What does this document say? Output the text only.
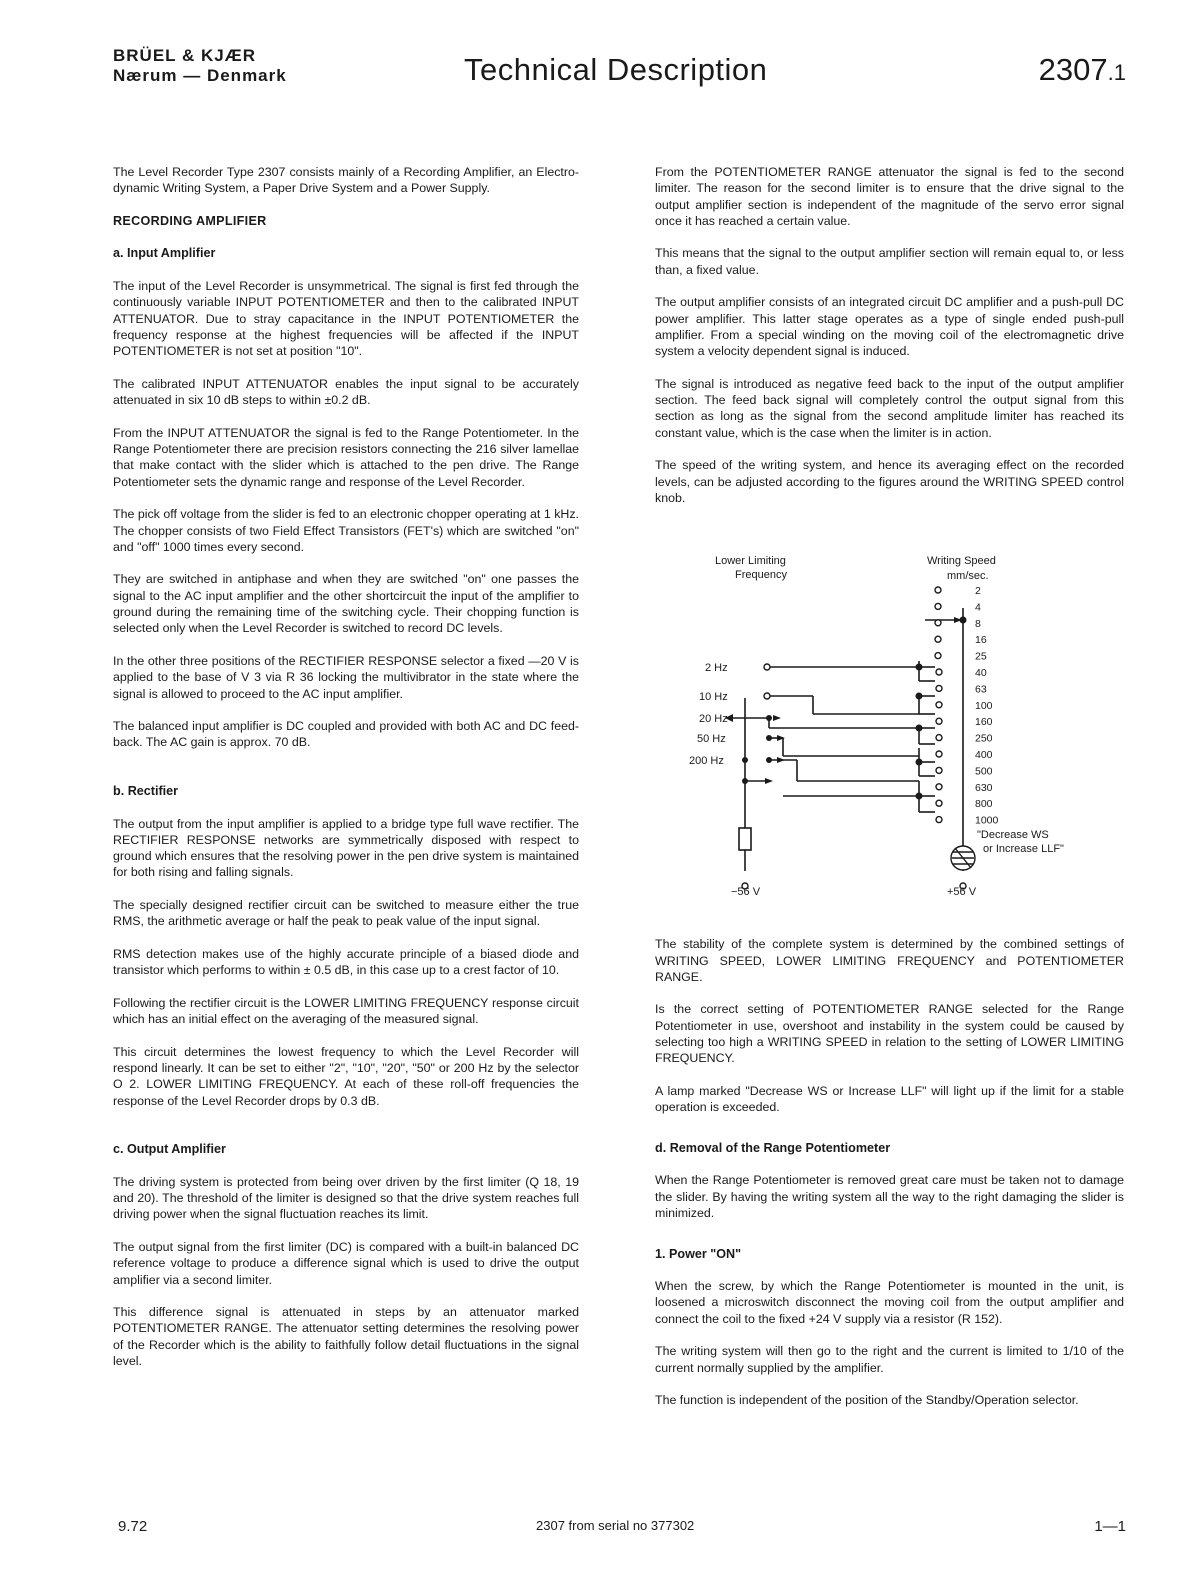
BRÜEL & KJÆR
Nærum — Denmark	Technical Description	2307.1

The Level Recorder Type 2307 consists mainly of a Recording Amplifier, an Electro-dynamic Writing System, a Paper Drive System and a Power Supply.

RECORDING AMPLIFIER
a. Input Amplifier

The input of the Level Recorder is unsymmetrical. The signal is first fed through the continuously variable INPUT POTENTIOMETER and then to the calibrated INPUT ATTENUATOR. Due to stray capacitance in the INPUT POTENTIOMETER the frequency response at the highest frequencies will be affected if the INPUT POTENTIOMETER is not set at position "10".

The calibrated INPUT ATTENUATOR enables the input signal to be accurately attenuated in six 10 dB steps to within ±0.2 dB.

From the INPUT ATTENUATOR the signal is fed to the Range Potentiometer. In the Range Potentiometer there are precision resistors connecting the 216 silver lamellae that make contact with the slider which is attached to the pen drive. The Range Potentiometer sets the dynamic range and response of the Level Recorder.

The pick off voltage from the slider is fed to an electronic chopper operating at 1 kHz. The chopper consists of two Field Effect Transistors (FET's) which are switched "on" and "off" 1000 times every second.

They are switched in antiphase and when they are switched "on" one passes the signal to the AC input amplifier and the other shortcircuit the input of the amplifier to ground during the remaining time of the switching cycle. Their chopping function is selected only when the Level Recorder is switched to record DC levels.

In the other three positions of the RECTIFIER RESPONSE selector a fixed —20 V is applied to the base of V 3 via R 36 locking the multivibrator in the state where the signal is allowed to proceed to the AC input amplifier.

The balanced input amplifier is DC coupled and provided with both AC and DC feed-back. The AC gain is approx. 70 dB.

b. Rectifier

The output from the input amplifier is applied to a bridge type full wave rectifier. The RECTIFIER RESPONSE networks are symmetrically disposed with respect to ground which ensures that the resolving power in the pen drive system is maintained for both rising and falling signals.

The specially designed rectifier circuit can be switched to measure either the true RMS, the arithmetic average or half the peak to peak value of the input signal.

RMS detection makes use of the highly accurate principle of a biased diode and transistor which performs to within ± 0.5 dB, in this case up to a crest factor of 10.

Following the rectifier circuit is the LOWER LIMITING FREQUENCY response circuit which has an initial effect on the averaging of the measured signal.

This circuit determines the lowest frequency to which the Level Recorder will respond linearly. It can be set to either "2", "10", "20", "50" or 200 Hz by the selector O 2. LOWER LIMITING FREQUENCY. At each of these roll-off frequencies the response of the Level Recorder drops by 0.3 dB.

c. Output Amplifier

The driving system is protected from being over driven by the first limiter (Q 18, 19 and 20). The threshold of the limiter is designed so that the drive system reaches full driving power when the signal fluctuation reaches its limit.

The output signal from the first limiter (DC) is compared with a built-in balanced DC reference voltage to produce a difference signal which is used to drive the output amplifier via a second limiter.

This difference signal is attenuated in steps by an attenuator marked POTENTIOMETER RANGE. The attenuator setting determines the resolving power of the Recorder which is the ability to faithfully follow detail fluctuations in the signal level.

From the POTENTIOMETER RANGE attenuator the signal is fed to the second limiter. The reason for the second limiter is to ensure that the drive signal to the output amplifier section is independent of the magnitude of the servo error signal once it has reached a certain value.

This means that the signal to the output amplifier section will remain equal to, or less than, a fixed value.

The output amplifier consists of an integrated circuit DC amplifier and a push-pull DC power amplifier. This latter stage operates as a type of single ended push-pull amplifier. From a special winding on the moving coil of the electromagnetic drive system a velocity dependent signal is induced.

The signal is introduced as negative feed back to the input of the output amplifier section. The feed back signal will completely control the output signal from this section as long as the signal from the second amplitude limiter has reached its constant value, which is the case when the limiter is in action.

The speed of the writing system, and hence its averaging effect on the recorded levels, can be adjusted according to the figures around the WRITING SPEED control knob.

Lower Limiting
Frequency
Writing Speed
mm/sec.
2 Hz
10 Hz
20 Hz
50 Hz
200 Hz
2
4
8
16
25
40
63
100
160
250
400
500
630
800
1000
"Decrease WS
or Increase LLF"
−56 V	+56 V

The stability of the complete system is determined by the combined settings of WRITING SPEED, LOWER LIMITING FREQUENCY and POTENTIOMETER RANGE.

Is the correct setting of POTENTIOMETER RANGE selected for the Range Potentiometer in use, overshoot and instability in the system could be caused by selecting too high a WRITING SPEED in relation to the setting of LOWER LIMITING FREQUENCY.

A lamp marked "Decrease WS or Increase LLF" will light up if the limit for a stable operation is exceeded.

d. Removal of the Range Potentiometer

When the Range Potentiometer is removed great care must be taken not to damage the slider. By having the writing system all the way to the right damaging the slider is minimized.

1. Power "ON"

When the screw, by which the Range Potentiometer is mounted in the unit, is loosened a microswitch disconnect the moving coil from the output amplifier and connect the coil to the fixed +24 V supply via a resistor (R 152).

The writing system will then go to the right and the current is limited to 1/10 of the current normally supplied by the amplifier.

The function is independent of the position of the Standby/Operation selector.

9.72	2307 from serial no 377302	1—1
